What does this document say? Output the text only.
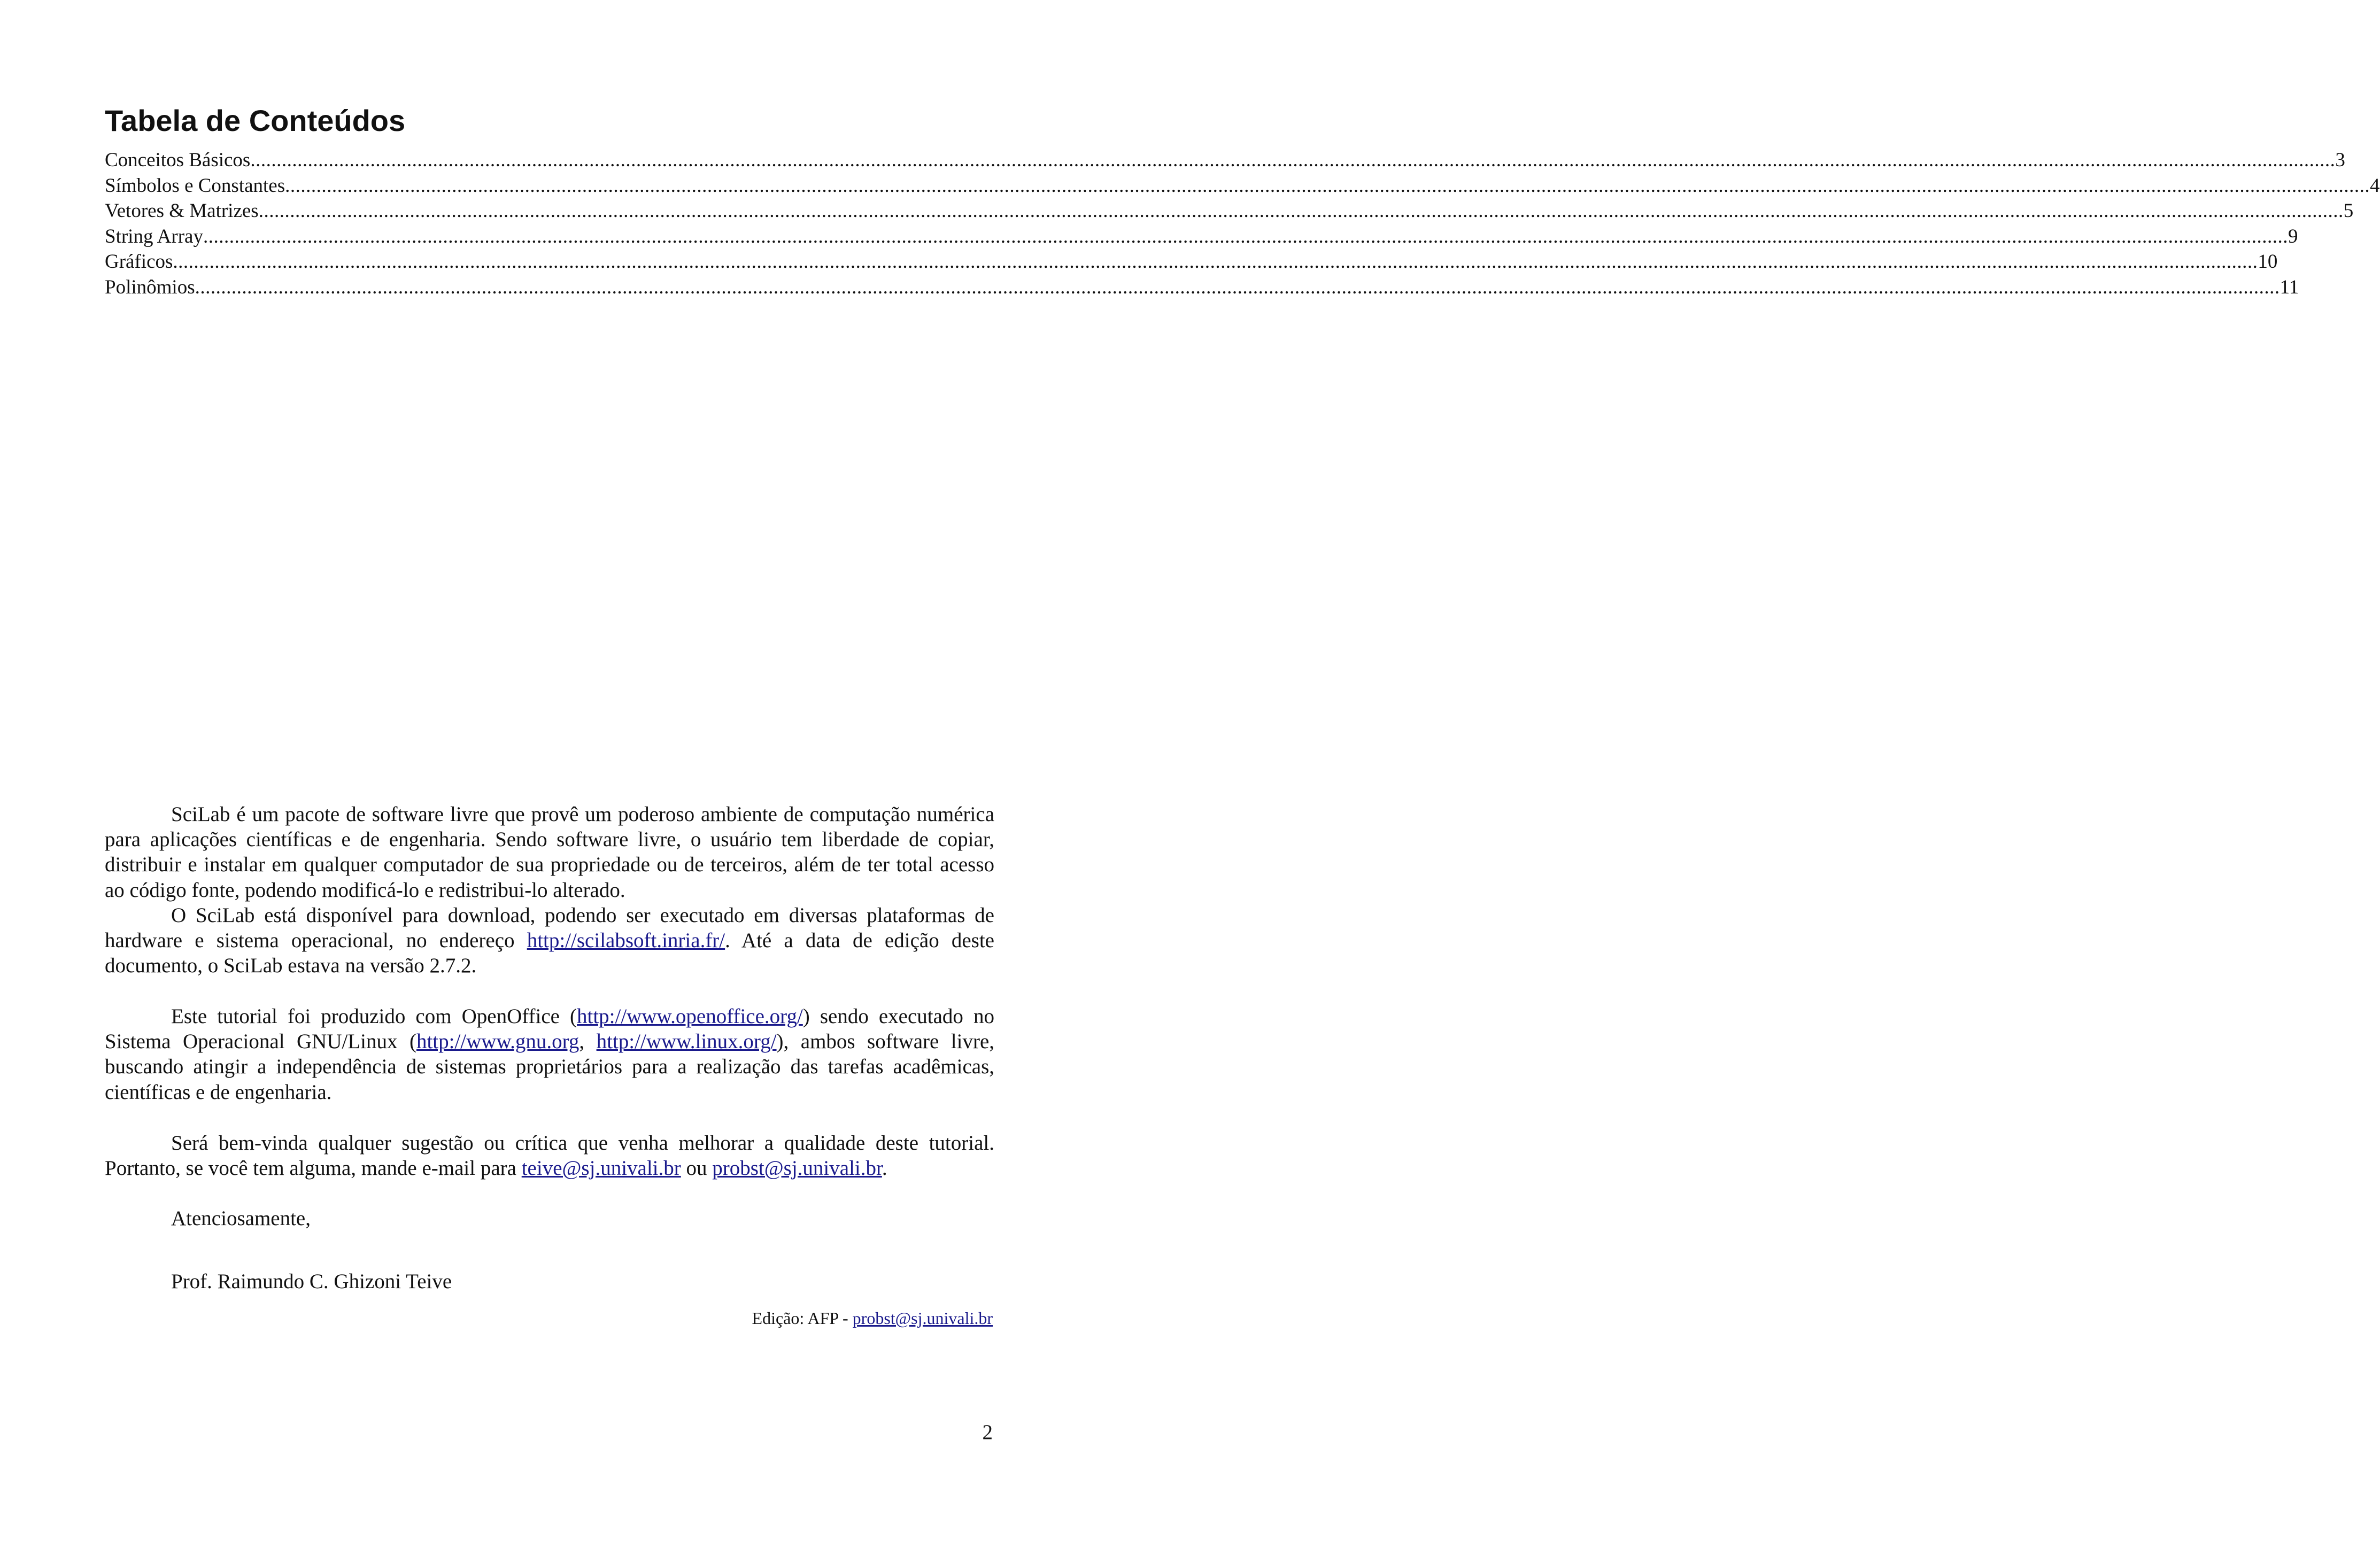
Tabela de Conteúdos
Conceitos Básicos ................................................................................................................................................................................................................................................................................................................................................................................................................ 3
Símbolos e Constantes ................................................................................................................................................................................................................................................................................................................................................................................................................ 4
Vetores & Matrizes ................................................................................................................................................................................................................................................................................................................................................................................................................ 5
String Array ................................................................................................................................................................................................................................................................................................................................................................................................................ 9
Gráficos ................................................................................................................................................................................................................................................................................................................................................................................................................ 10
Polinômios ................................................................................................................................................................................................................................................................................................................................................................................................................ 11

SciLab é um pacote de software livre que provê um poderoso ambiente de computação numérica para aplicações científicas e de engenharia. Sendo software livre, o usuário tem liberdade de copiar, distribuir e instalar em qualquer computador de sua propriedade ou de terceiros, além de ter total acesso ao código fonte, podendo modificá-lo e redistribui-lo alterado.

O SciLab está disponível para download, podendo ser executado em diversas plataformas de hardware e sistema operacional, no endereço http://scilabsoft.inria.fr/. Até a data de edição deste documento, o SciLab estava na versão 2.7.2.

Este tutorial foi produzido com OpenOffice (http://www.openoffice.org/) sendo executado no Sistema Operacional GNU/Linux (http://www.gnu.org, http://www.linux.org/), ambos software livre, buscando atingir a independência de sistemas proprietários para a realização das tarefas acadêmicas, científicas e de engenharia.

Será bem-vinda qualquer sugestão ou crítica que venha melhorar a qualidade deste tutorial. Portanto, se você tem alguma, mande e-mail para teive@sj.univali.br ou probst@sj.univali.br.

Atenciosamente,

Prof. Raimundo C. Ghizoni Teive

Edição: AFP - probst@sj.univali.br
2
